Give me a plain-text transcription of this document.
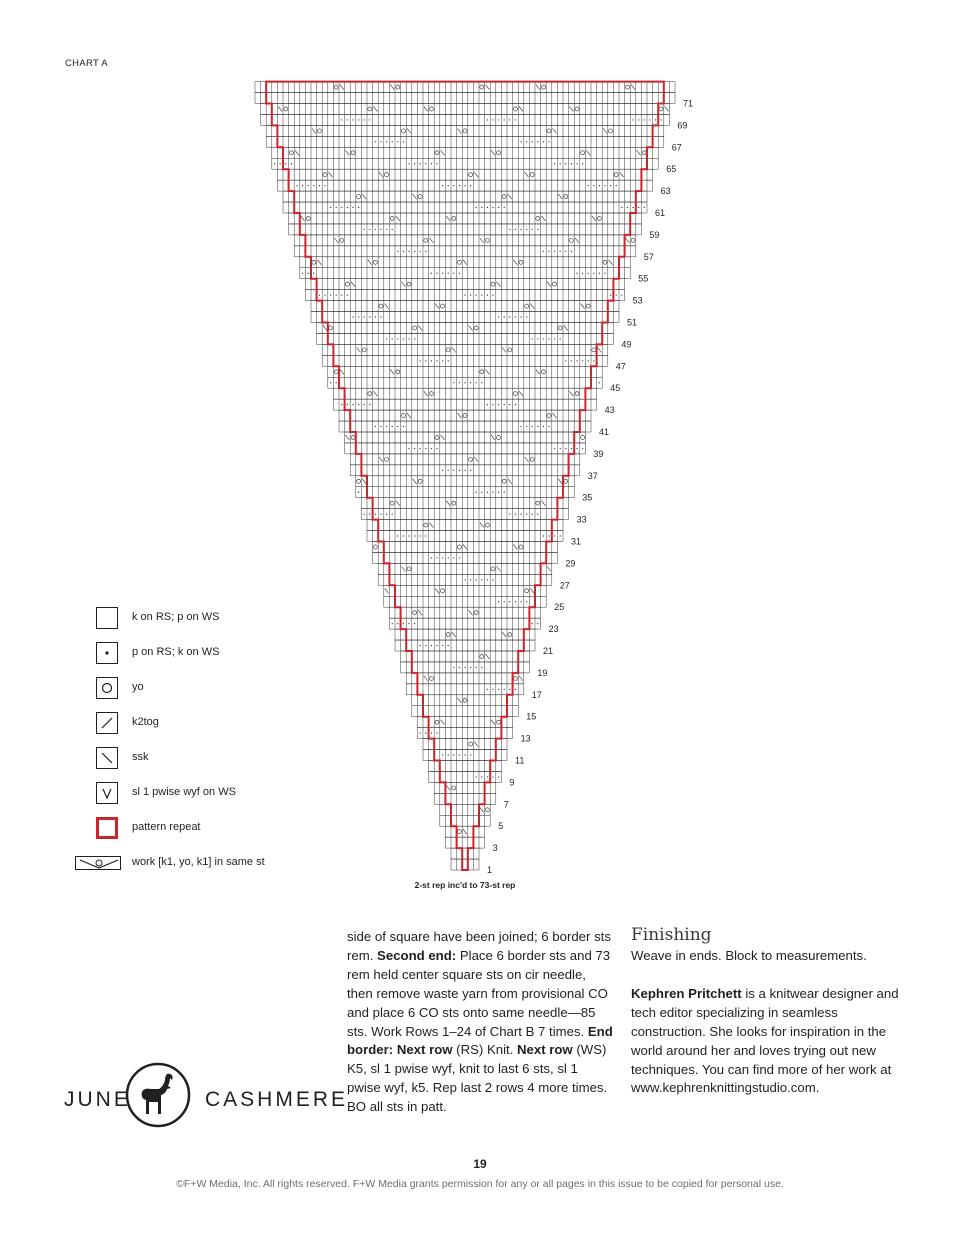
CHART A
1
3
5
7
9
11
13
15
17
19
21
23
25
27
29
31
33
35
37
39
41
43
45
47
49
51
53
55
57
59
61
63
65
67
69
71
k on RS; p on WS
p on RS; k on WS
yo
k2tog
ssk
sl 1 pwise wyf on WS
pattern repeat
work [k1, yo, k1] in same st
2-st rep inc'd to 73-st rep
side of square have been joined; 6 border sts rem. Second end: Place 6 border sts and 73 rem held center square sts on cir needle, then remove waste yarn from provisional CO and place 6 CO sts onto same needle—85 sts. Work Rows 1–24 of Chart B 7 times. End border: Next row (RS) Knit. Next row (WS) K5, sl 1 pwise wyf, knit to last 6 sts, sl 1 pwise wyf, k5. Rep last 2 rows 4 more times. BO all sts in patt.
Finishing
Weave in ends. Block to measurements.
Kephren Pritchett is a knitwear designer and tech editor specializing in seamless construction. She looks for inspiration in the world around her and loves trying out new techniques. You can find more of her work at www.kephrenknittingstudio.com.
JUNE	CASHMERE
19
©F+W Media, Inc. All rights reserved. F+W Media grants permission for any or all pages in this issue to be copied for personal use.
